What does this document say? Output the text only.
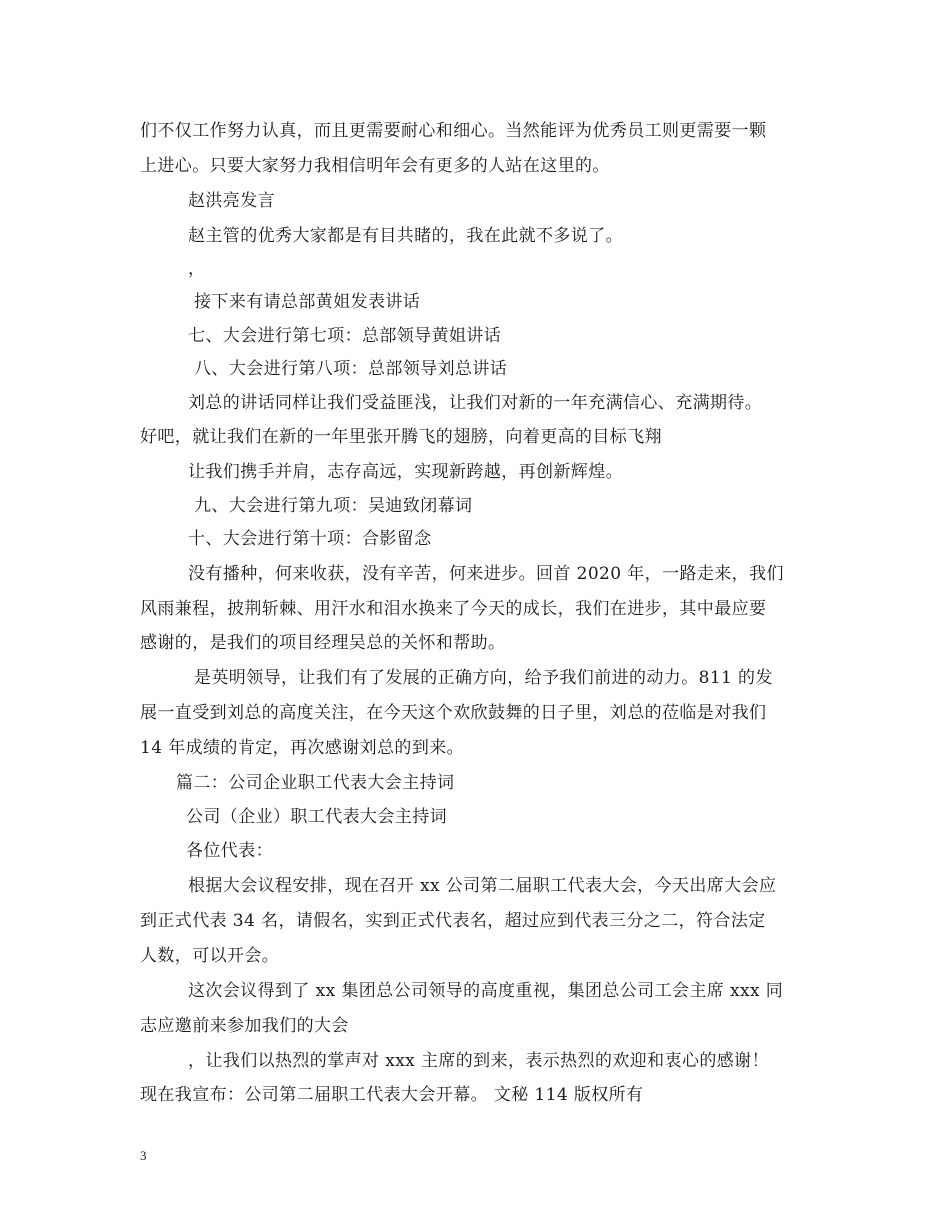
们不仅工作努力认真，而且更需要耐心和细心。当然能评为优秀员工则更需要一颗
上进心。只要大家努力我相信明年会有更多的人站在这里的。
赵洪亮发言
赵主管的优秀大家都是有目共睹的，我在此就不多说了。
，
接下来有请总部黄姐发表讲话
七、大会进行第七项：总部领导黄姐讲话
八、大会进行第八项：总部领导刘总讲话
刘总的讲话同样让我们受益匪浅，让我们对新的一年充满信心、充满期待。
好吧，就让我们在新的一年里张开腾飞的翅膀，向着更高的目标飞翔
让我们携手并肩，志存高远，实现新跨越，再创新辉煌。
九、大会进行第九项：吴迪致闭幕词
十、大会进行第十项：合影留念
没有播种，何来收获，没有辛苦，何来进步。回首 2020 年，一路走来，我们
风雨兼程，披荆斩棘、用汗水和泪水换来了今天的成长，我们在进步，其中最应要
感谢的，是我们的项目经理吴总的关怀和帮助。
是英明领导，让我们有了发展的正确方向，给予我们前进的动力。811 的发
展一直受到刘总的高度关注，在今天这个欢欣鼓舞的日子里，刘总的莅临是对我们
14 年成绩的肯定，再次感谢刘总的到来。
篇二：公司企业职工代表大会主持词
公司（企业）职工代表大会主持词
各位代表：
根据大会议程安排，现在召开 xx 公司第二届职工代表大会，今天出席大会应
到正式代表 34 名，请假名，实到正式代表名，超过应到代表三分之二，符合法定
人数，可以开会。
这次会议得到了 xx 集团总公司领导的高度重视，集团总公司工会主席 xxx 同
志应邀前来参加我们的大会
，让我们以热烈的掌声对 xxx 主席的到来，表示热烈的欢迎和衷心的感谢！
现在我宣布：公司第二届职工代表大会开幕。 文秘 114 版权所有
3
